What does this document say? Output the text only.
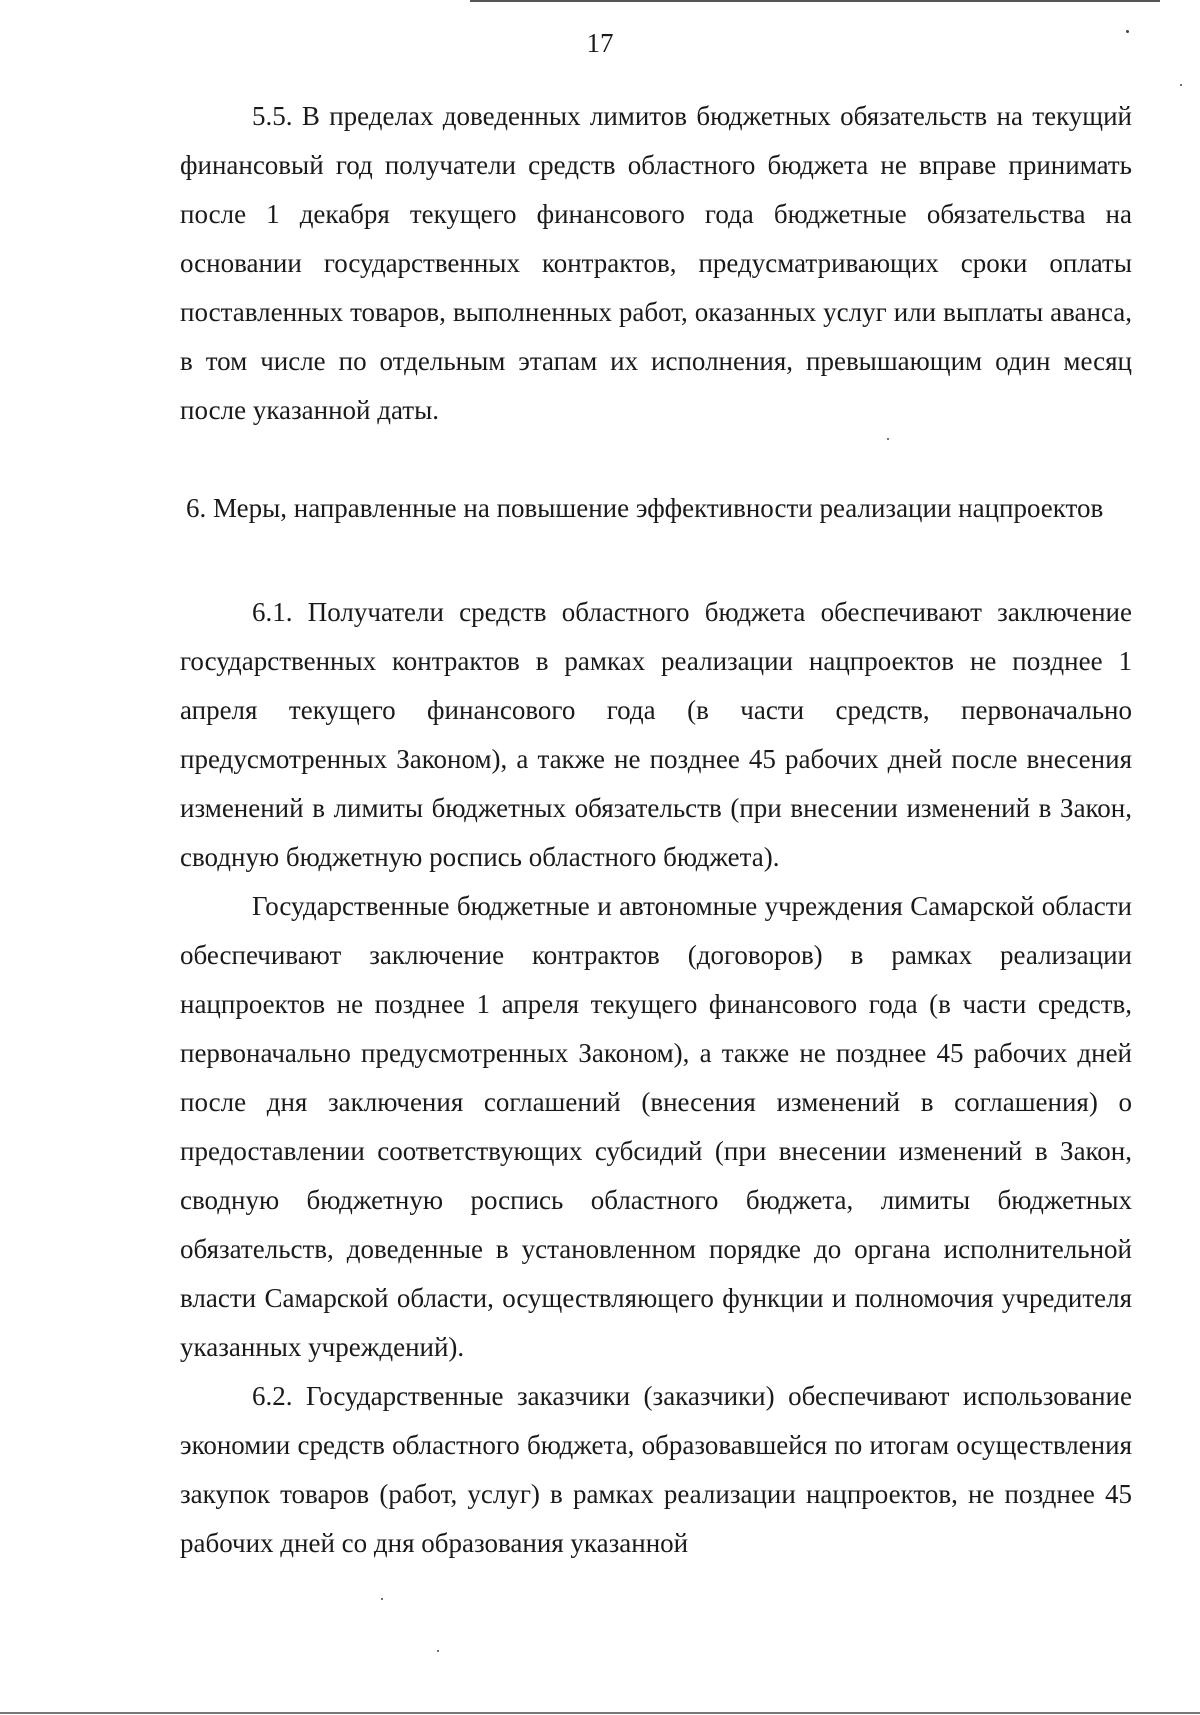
17

5.5. В пределах доведенных лимитов бюджетных обязательств на текущий финансовый год получатели средств областного бюджета не вправе принимать после 1 декабря текущего финансового года бюджетные обязательства на основании государственных контрактов, предусматривающих сроки оплаты поставленных товаров, выполненных работ, оказанных услуг или выплаты аванса, в том числе по отдельным этапам их исполнения, превышающим один месяц после указанной даты.

6. Меры, направленные на повышение эффективности реализации нацпроектов

6.1. Получатели средств областного бюджета обеспечивают заключение государственных контрактов в рамках реализации нацпроектов не позднее 1 апреля текущего финансового года (в части средств, первоначально предусмотренных Законом), а также не позднее 45 рабочих дней после внесения изменений в лимиты бюджетных обязательств (при внесении изменений в Закон, сводную бюджетную роспись областного бюджета).

Государственные бюджетные и автономные учреждения Самарской области обеспечивают заключение контрактов (договоров) в рамках реализации нацпроектов не позднее 1 апреля текущего финансового года (в части средств, первоначально предусмотренных Законом), а также не позднее 45 рабочих дней после дня заключения соглашений (внесения изменений в соглашения) о предоставлении соответствующих субсидий (при внесении изменений в Закон, сводную бюджетную роспись областного бюджета, лимиты бюджетных обязательств, доведенные в установленном порядке до органа исполнительной власти Самарской области, осуществляющего функции и полномочия учредителя указанных учреждений).

6.2. Государственные заказчики (заказчики) обеспечивают использование экономии средств областного бюджета, образовавшейся по итогам осуществления закупок товаров (работ, услуг) в рамках реализации нацпроектов, не позднее 45 рабочих дней со дня образования указанной
